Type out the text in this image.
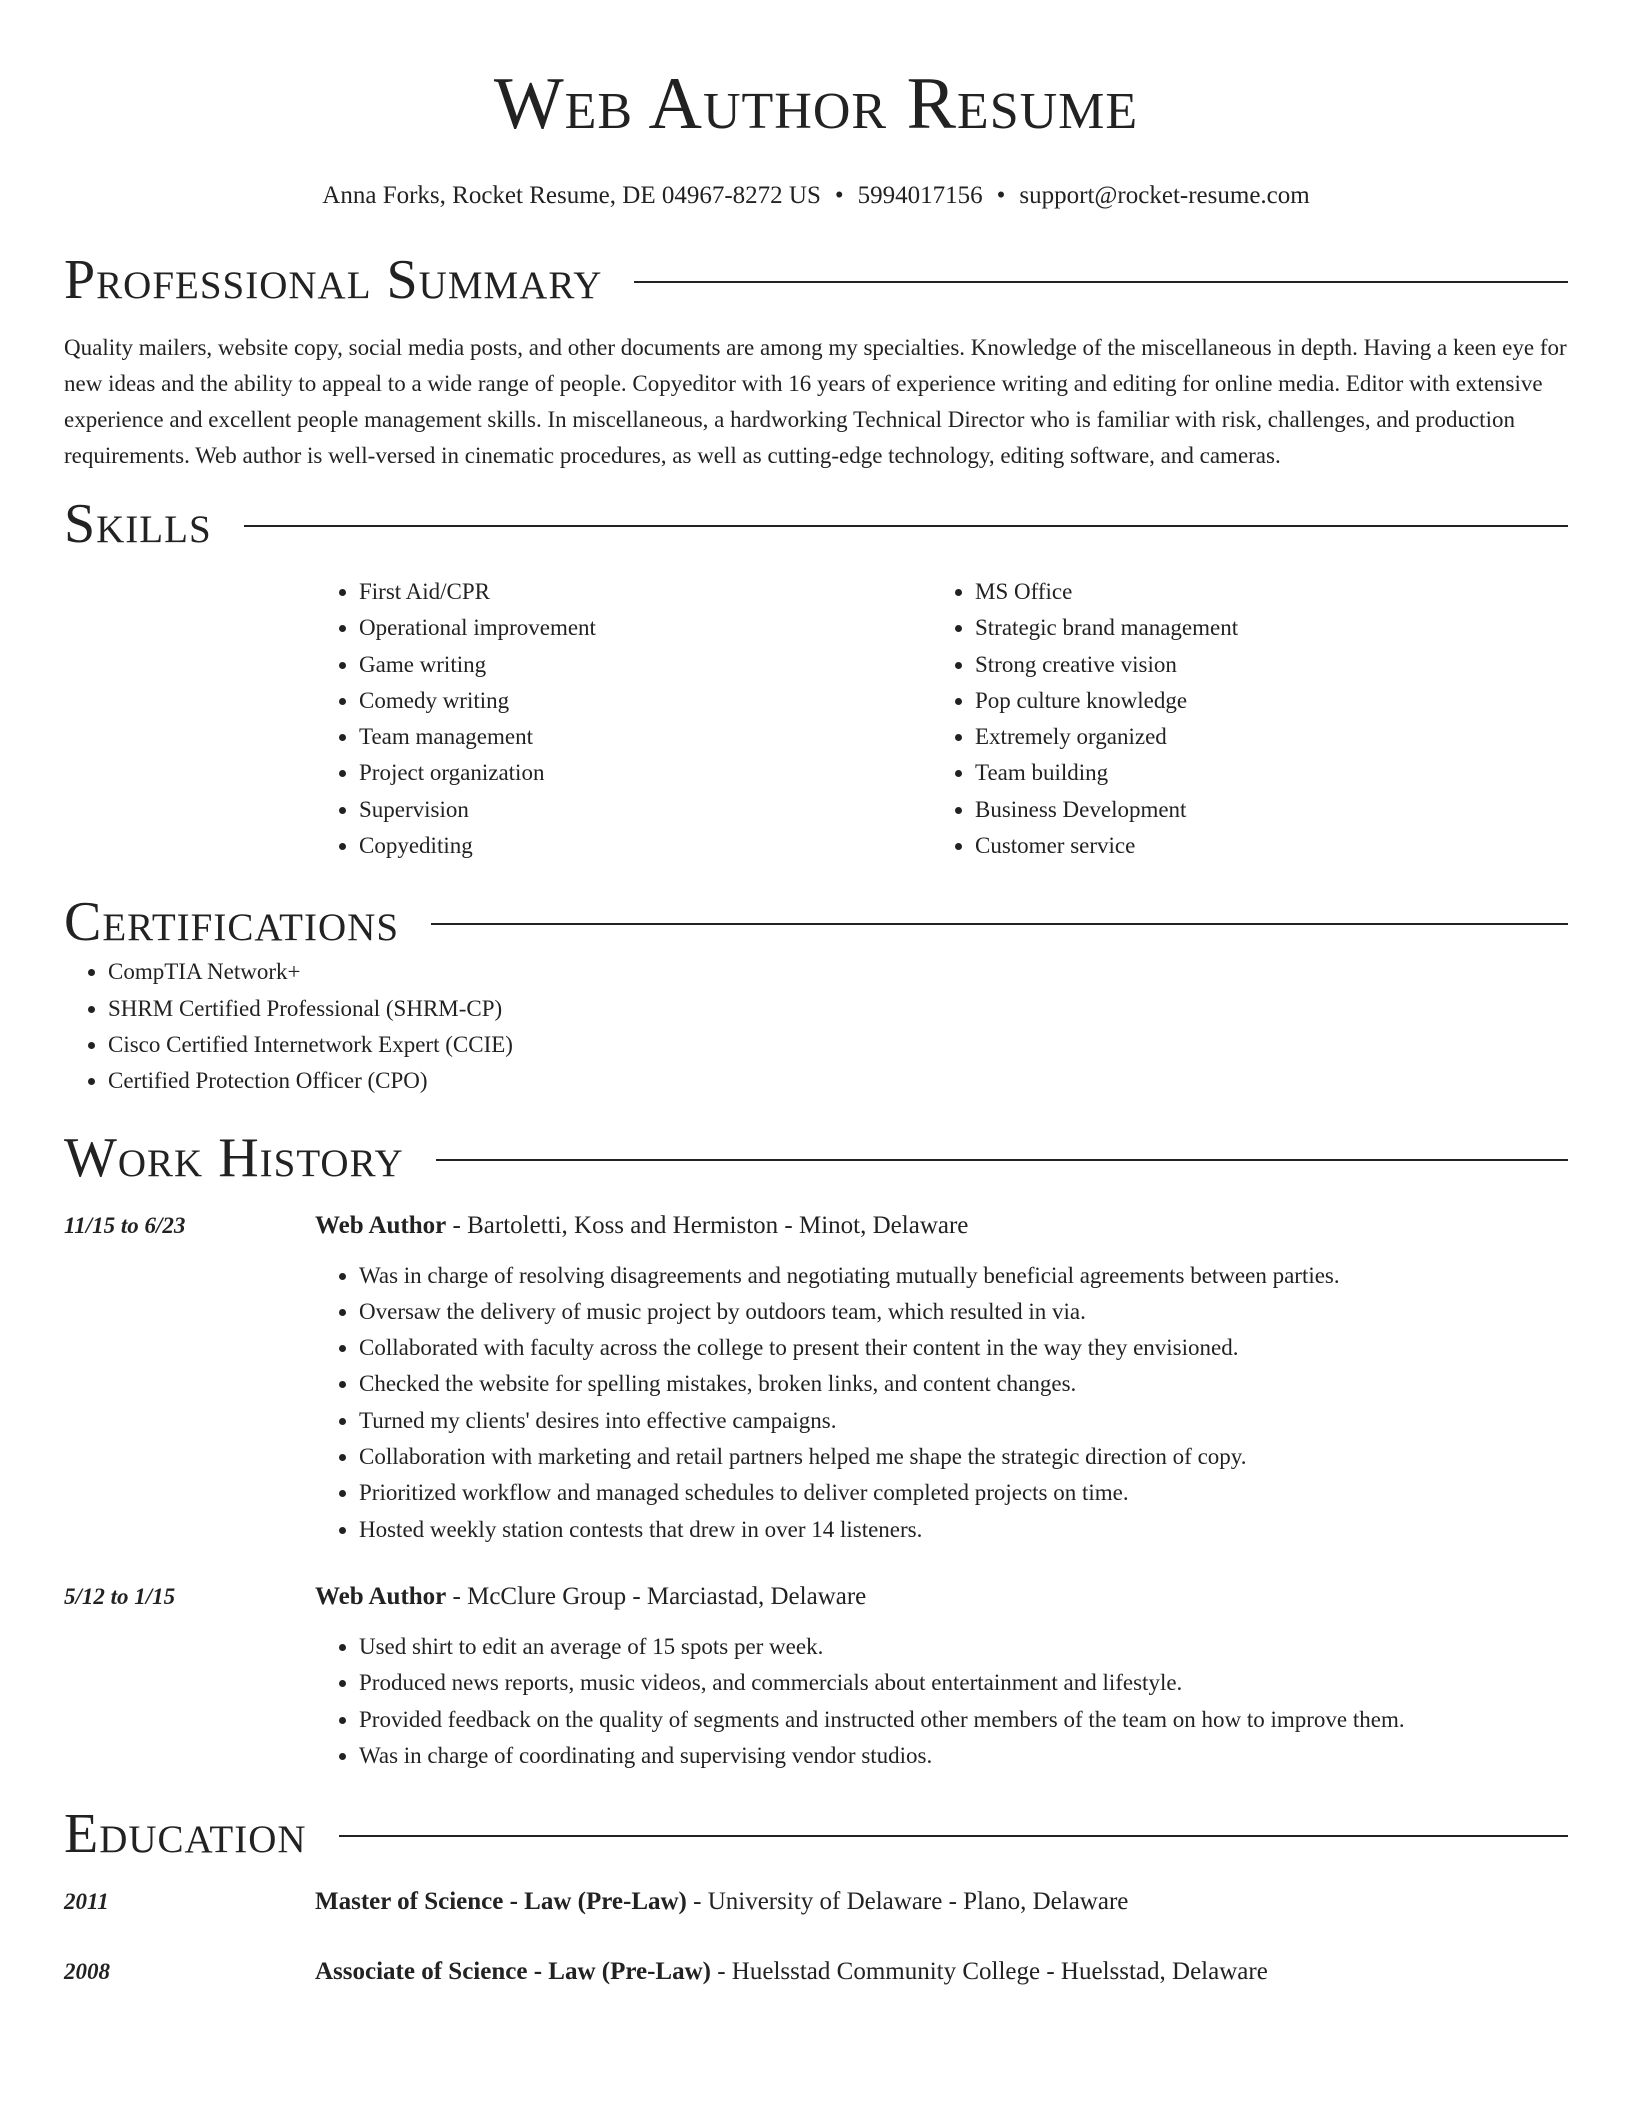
Web Author Resume
Anna Forks, Rocket Resume, DE 04967-8272 US • 5994017156 • support@rocket-resume.com
Professional Summary

Quality mailers, website copy, social media posts, and other documents are among my specialties. Knowledge of the miscellaneous in depth. Having a keen eye for new ideas and the ability to appeal to a wide range of people. Copyeditor with 16 years of experience writing and editing for online media. Editor with extensive experience and excellent people management skills. In miscellaneous, a hardworking Technical Director who is familiar with risk, challenges, and production requirements. Web author is well-versed in cinematic procedures, as well as cutting-edge technology, editing software, and cameras.

Skills
• First Aid/CPR
• Operational improvement
• Game writing
• Comedy writing
• Team management
• Project organization
• Supervision
• Copyediting
• MS Office
• Strategic brand management
• Strong creative vision
• Pop culture knowledge
• Extremely organized
• Team building
• Business Development
• Customer service
Certifications
• CompTIA Network+
• SHRM Certified Professional (SHRM-CP)
• Cisco Certified Internetwork Expert (CCIE)
• Certified Protection Officer (CPO)
Work History
11/15 to 6/23	Web Author - Bartoletti, Koss and Hermiston - Minot, Delaware
• Was in charge of resolving disagreements and negotiating mutually beneficial agreements between parties.
• Oversaw the delivery of music project by outdoors team, which resulted in via.
• Collaborated with faculty across the college to present their content in the way they envisioned.
• Checked the website for spelling mistakes, broken links, and content changes.
• Turned my clients' desires into effective campaigns.
• Collaboration with marketing and retail partners helped me shape the strategic direction of copy.
• Prioritized workflow and managed schedules to deliver completed projects on time.
• Hosted weekly station contests that drew in over 14 listeners.
5/12 to 1/15	Web Author - McClure Group - Marciastad, Delaware
• Used shirt to edit an average of 15 spots per week.
• Produced news reports, music videos, and commercials about entertainment and lifestyle.
• Provided feedback on the quality of segments and instructed other members of the team on how to improve them.
• Was in charge of coordinating and supervising vendor studios.
Education
2011	Master of Science - Law (Pre-Law) - University of Delaware - Plano, Delaware
2008	Associate of Science - Law (Pre-Law) - Huelsstad Community College - Huelsstad, Delaware
